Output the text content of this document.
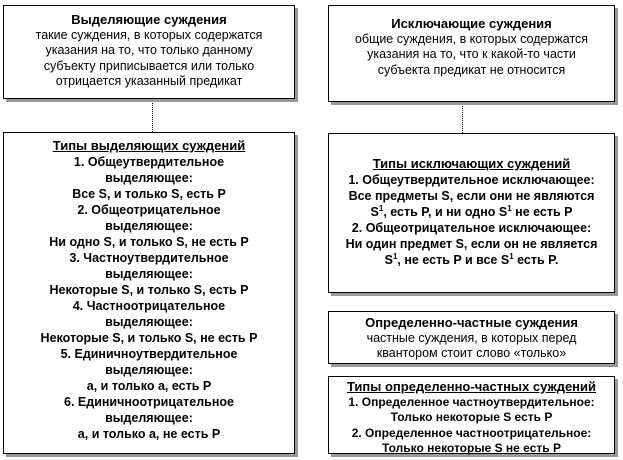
Выделяющие суждения

такие суждения, в которых содержатся

указания на то, что только данному

субъекту приписывается или только

отрицается указанный предикат

Типы выделяющих суждений

1. Общеутвердительное

выделяющее:

Все S, и только S, есть P

2. Общеотрицательное

выделяющее:

Ни одно S, и только S, не есть P

3. Частноутвердительное

выделяющее:

Некоторые S, и только S, есть P

4. Частноотрицательное

выделяющее:

Некоторые S, и только S, не есть P

5. Единичноутвердительное

выделяющее:

а, и только а, есть P

6. Единичноотрицательное

выделяющее:

а, и только а, не есть P

Исключающие суждения

общие суждения, в которых содержатся

указания на то, что к какой-то части

субъекта предикат не относится

Типы исключающих суждений

1. Общеутвердительное исключающее:

Все предметы S, если они не являются

$S^1$, есть P, и ни одно $S^1$ не есть P

2. Общеотрицательное исключающее:

Ни один предмет S, если он не является

$S^1$, не есть P и все $S^1$ есть P.

Определенно-частные суждения

частные суждения, в которых перед

квантором стоит слово «только»

Типы определенно-частных суждений

1. Определенное частноутвердительное:

Только некоторые S есть P

2. Определенное частноотрицательное:

Только некоторые S не есть P
